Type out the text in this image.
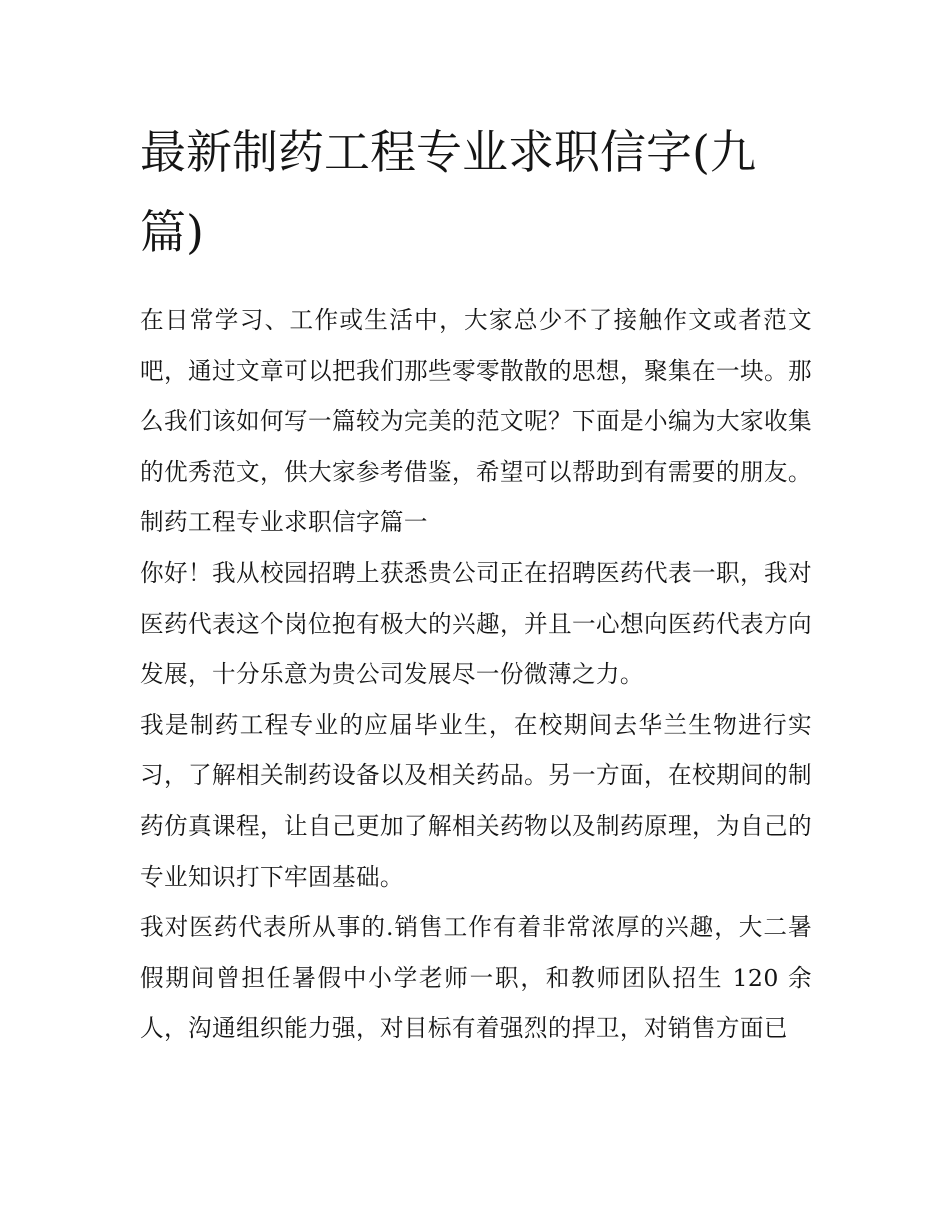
最新制药工程专业求职信字(九篇)

在日常学习、工作或生活中，大家总少不了接触作文或者范文吧，通过文章可以把我们那些零零散散的思想，聚集在一块。那么我们该如何写一篇较为完美的范文呢？下面是小编为大家收集的优秀范文，供大家参考借鉴，希望可以帮助到有需要的朋友。

制药工程专业求职信字篇一

你好！我从校园招聘上获悉贵公司正在招聘医药代表一职，我对医药代表这个岗位抱有极大的兴趣，并且一心想向医药代表方向发展，十分乐意为贵公司发展尽一份微薄之力。

我是制药工程专业的应届毕业生，在校期间去华兰生物进行实习，了解相关制药设备以及相关药品。另一方面，在校期间的制药仿真课程，让自己更加了解相关药物以及制药原理，为自己的专业知识打下牢固基础。

我对医药代表所从事的.销售工作有着非常浓厚的兴趣，大二暑假期间曾担任暑假中小学老师一职，和教师团队招生 120 余人，沟通组织能力强，对目标有着强烈的捍卫，对销售方面已
